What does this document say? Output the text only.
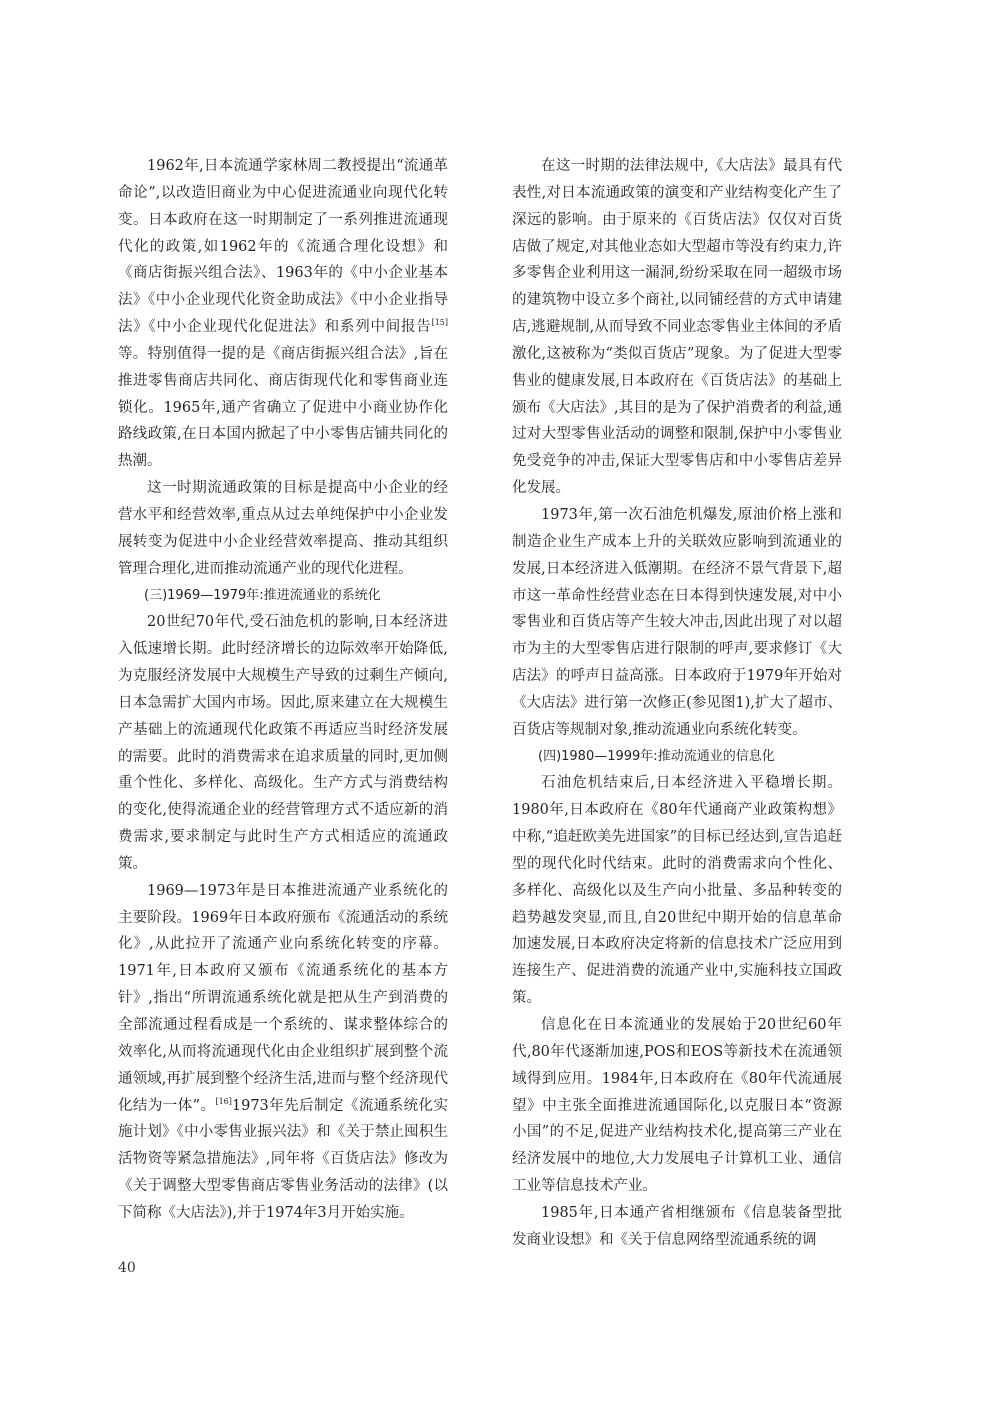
1962年,日本流通学家林周二教授提出“流通革命论”,以改造旧商业为中心促进流通业向现代化转变。日本政府在这一时期制定了一系列推进流通现代化的政策,如1962年的《流通合理化设想》和《商店街振兴组合法》、1963年的《中小企业基本法》《中小企业现代化资金助成法》《中小企业指导法》《中小企业现代化促进法》和系列中间报告[15]等。特别值得一提的是《商店街振兴组合法》,旨在推进零售商店共同化、商店街现代化和零售商业连锁化。1965年,通产省确立了促进中小商业协作化路线政策,在日本国内掀起了中小零售店铺共同化的热潮。

这一时期流通政策的目标是提高中小企业的经营水平和经营效率,重点从过去单纯保护中小企业发展转变为促进中小企业经营效率提高、推动其组织管理合理化,进而推动流通产业的现代化进程。

(三)1969—1979年:推进流通业的系统化

20世纪70年代,受石油危机的影响,日本经济进入低速增长期。此时经济增长的边际效率开始降低,为克服经济发展中大规模生产导致的过剩生产倾向,日本急需扩大国内市场。因此,原来建立在大规模生产基础上的流通现代化政策不再适应当时经济发展的需要。此时的消费需求在追求质量的同时,更加侧重个性化、多样化、高级化。生产方式与消费结构的变化,使得流通企业的经营管理方式不适应新的消费需求,要求制定与此时生产方式相适应的流通政策。

1969—1973年是日本推进流通产业系统化的主要阶段。1969年日本政府颁布《流通活动的系统化》,从此拉开了流通产业向系统化转变的序幕。1971年,日本政府又颁布《流通系统化的基本方针》,指出“所谓流通系统化就是把从生产到消费的全部流通过程看成是一个系统的、谋求整体综合的效率化,从而将流通现代化由企业组织扩展到整个流通领域,再扩展到整个经济生活,进而与整个经济现代化结为一体”。[16]1973年先后制定《流通系统化实施计划》《中小零售业振兴法》和《关于禁止囤积生活物资等紧急措施法》,同年将《百货店法》修改为《关于调整大型零售商店零售业务活动的法律》(以下简称《大店法》),并于1974年3月开始实施。

在这一时期的法律法规中,《大店法》最具有代表性,对日本流通政策的演变和产业结构变化产生了深远的影响。由于原来的《百货店法》仅仅对百货店做了规定,对其他业态如大型超市等没有约束力,许多零售企业利用这一漏洞,纷纷采取在同一超级市场的建筑物中设立多个商社,以同铺经营的方式申请建店,逃避规制,从而导致不同业态零售业主体间的矛盾激化,这被称为“类似百货店”现象。为了促进大型零售业的健康发展,日本政府在《百货店法》的基础上颁布《大店法》,其目的是为了保护消费者的利益,通过对大型零售业活动的调整和限制,保护中小零售业免受竞争的冲击,保证大型零售店和中小零售店差异化发展。

1973年,第一次石油危机爆发,原油价格上涨和制造企业生产成本上升的关联效应影响到流通业的发展,日本经济进入低潮期。在经济不景气背景下,超市这一革命性经营业态在日本得到快速发展,对中小零售业和百货店等产生较大冲击,因此出现了对以超市为主的大型零售店进行限制的呼声,要求修订《大店法》的呼声日益高涨。日本政府于1979年开始对《大店法》进行第一次修正(参见图1),扩大了超市、百货店等规制对象,推动流通业向系统化转变。

(四)1980—1999年:推动流通业的信息化

石油危机结束后,日本经济进入平稳增长期。1980年,日本政府在《80年代通商产业政策构想》中称,“追赶欧美先进国家”的目标已经达到,宣告追赶型的现代化时代结束。此时的消费需求向个性化、多样化、高级化以及生产向小批量、多品种转变的趋势越发突显,而且,自20世纪中期开始的信息革命加速发展,日本政府决定将新的信息技术广泛应用到连接生产、促进消费的流通产业中,实施科技立国政策。

信息化在日本流通业的发展始于20世纪60年代,80年代逐渐加速,POS和EOS等新技术在流通领域得到应用。1984年,日本政府在《80年代流通展望》中主张全面推进流通国际化,以克服日本“资源小国”的不足,促进产业结构技术化,提高第三产业在经济发展中的地位,大力发展电子计算机工业、通信工业等信息技术产业。

1985年,日本通产省相继颁布《信息装备型批发商业设想》和《关于信息网络型流通系统的调

40
